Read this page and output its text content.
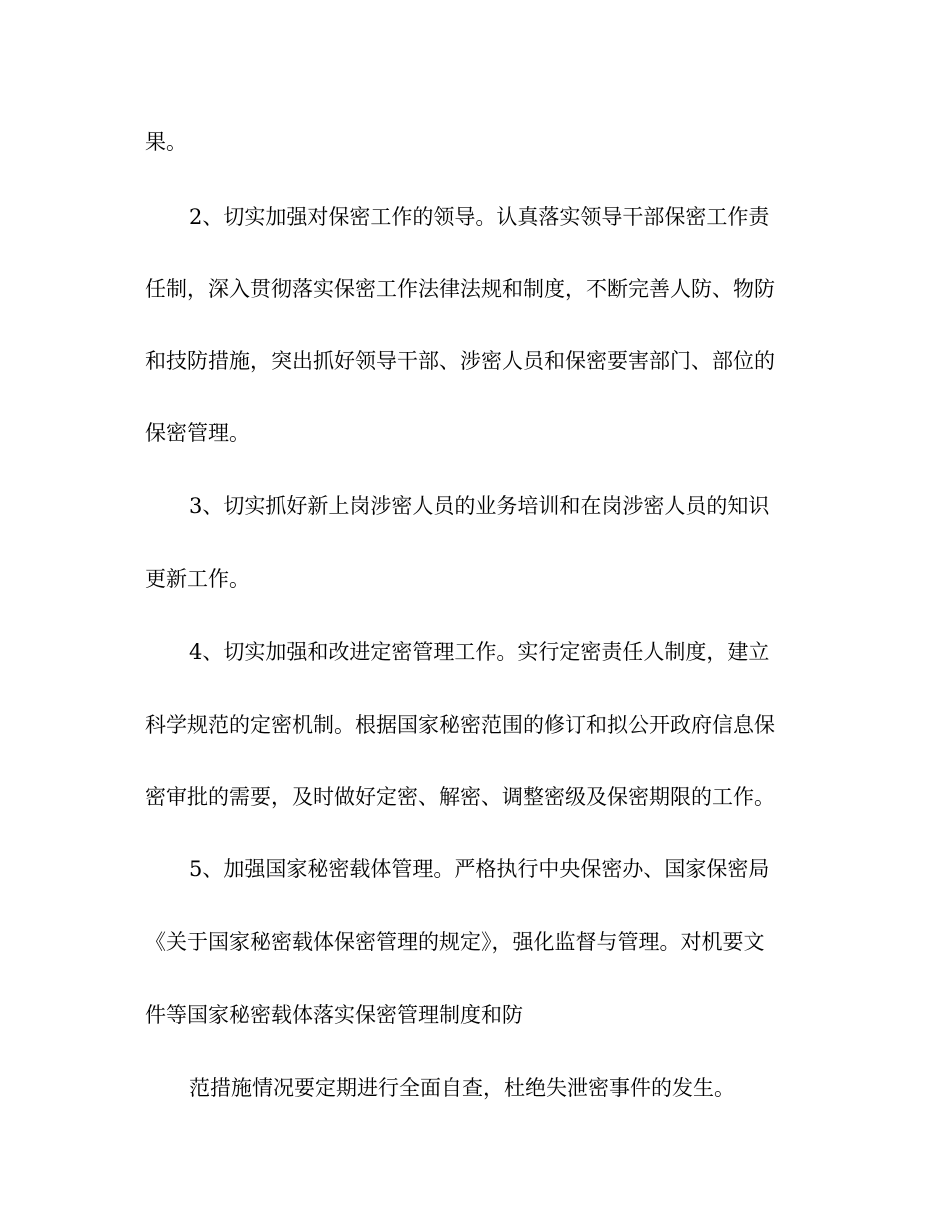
果。
2、切实加强对保密工作的领导。认真落实领导干部保密工作责
任制，深入贯彻落实保密工作法律法规和制度，不断完善人防、物防
和技防措施，突出抓好领导干部、涉密人员和保密要害部门、部位的
保密管理。
3、切实抓好新上岗涉密人员的业务培训和在岗涉密人员的知识
更新工作。
4、切实加强和改进定密管理工作。实行定密责任人制度，建立
科学规范的定密机制。根据国家秘密范围的修订和拟公开政府信息保
密审批的需要，及时做好定密、解密、调整密级及保密期限的工作。
5、加强国家秘密载体管理。严格执行中央保密办、国家保密局
《关于国家秘密载体保密管理的规定》，强化监督与管理。对机要文
件等国家秘密载体落实保密管理制度和防
范措施情况要定期进行全面自查，杜绝失泄密事件的发生。
